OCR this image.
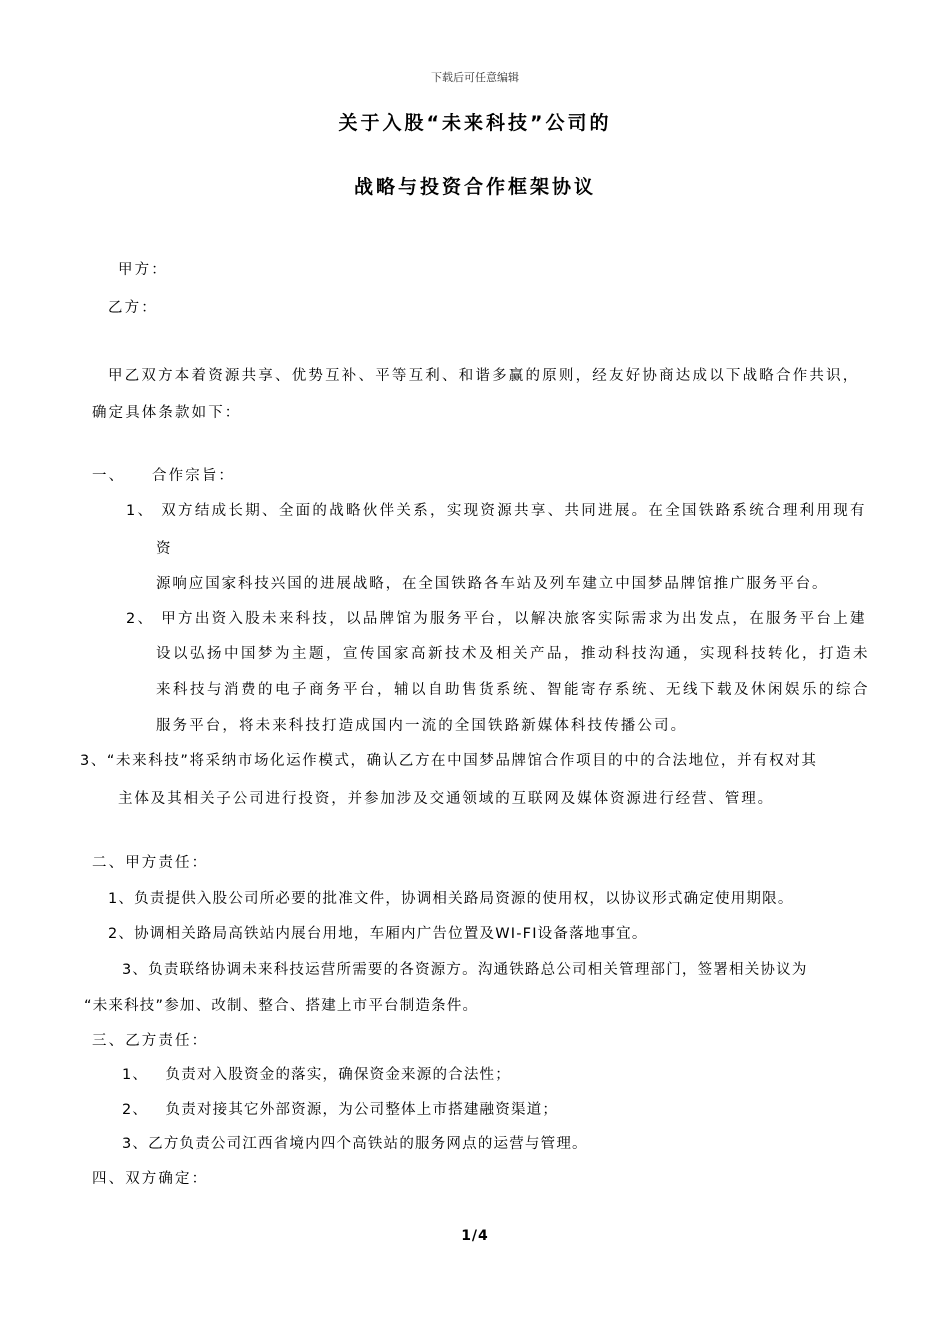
下载后可任意编辑
关于入股“未来科技”公司的
战略与投资合作框架协议
甲方：
乙方：
甲乙双方本着资源共享、优势互补、平等互利、和谐多赢的原则，经友好协商达成以下战略合作共识，
确定具体条款如下：
一、    合作宗旨：
1、 双方结成长期、全面的战略伙伴关系，实现资源共享、共同进展。在全国铁路系统合理利用现有
资
源响应国家科技兴国的进展战略，在全国铁路各车站及列车建立中国梦品牌馆推广服务平台。
2、 甲方出资入股未来科技，以品牌馆为服务平台，以解决旅客实际需求为出发点，在服务平台上建
设以弘扬中国梦为主题，宣传国家高新技术及相关产品，推动科技沟通，实现科技转化，打造未
来科技与消费的电子商务平台，辅以自助售货系统、智能寄存系统、无线下载及休闲娱乐的综合
服务平台，将未来科技打造成国内一流的全国铁路新媒体科技传播公司。
3、“未来科技”将采纳市场化运作模式，确认乙方在中国梦品牌馆合作项目的中的合法地位，并有权对其
主体及其相关子公司进行投资，并参加涉及交通领域的互联网及媒体资源进行经营、管理。
二、甲方责任：
1、负责提供入股公司所必要的批准文件，协调相关路局资源的使用权，以协议形式确定使用期限。
2、协调相关路局高铁站内展台用地，车厢内广告位置及WI-FI设备落地事宜。
3、负责联络协调未来科技运营所需要的各资源方。沟通铁路总公司相关管理部门，签署相关协议为
“未来科技”参加、改制、整合、搭建上市平台制造条件。
三、乙方责任：
1、   负责对入股资金的落实，确保资金来源的合法性；
2、   负责对接其它外部资源，为公司整体上市搭建融资渠道；
3、乙方负责公司江西省境内四个高铁站的服务网点的运营与管理。
四、双方确定：
1/4
